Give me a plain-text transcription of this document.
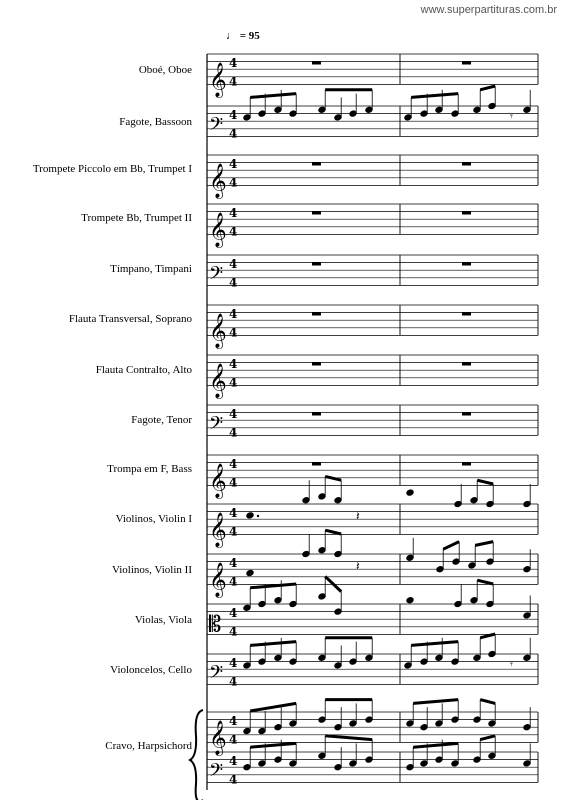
www.superpartituras.com.br
♩ = 95
Oboé, Oboe
Fagote, Bassoon
Trompete Piccolo em Bb, Trumpet I
Trompete Bb, Trumpet II
Tímpano, Timpani
Flauta Transversal, Soprano
Flauta Contralto, Alto
Fagote, Tenor
Trompa em F, Bass
Violinos, Violin I
Violinos, Violin II
Violas, Viola
Violoncelos, Cello
Cravo, Harpsichord
𝄞 4
4
𝄢 4
4
𝄞 4
4
𝄞 4
4
𝄢 4
4
𝄞 4
4
𝄞 4
4
𝄢 4
4
𝄞 4
4
𝄞 4
4
𝄞 4
4
𝄡 4
4
𝄢 4
4
𝄞 4
4
𝄢 4
4
𝄾
𝄾
𝄽
𝄽
